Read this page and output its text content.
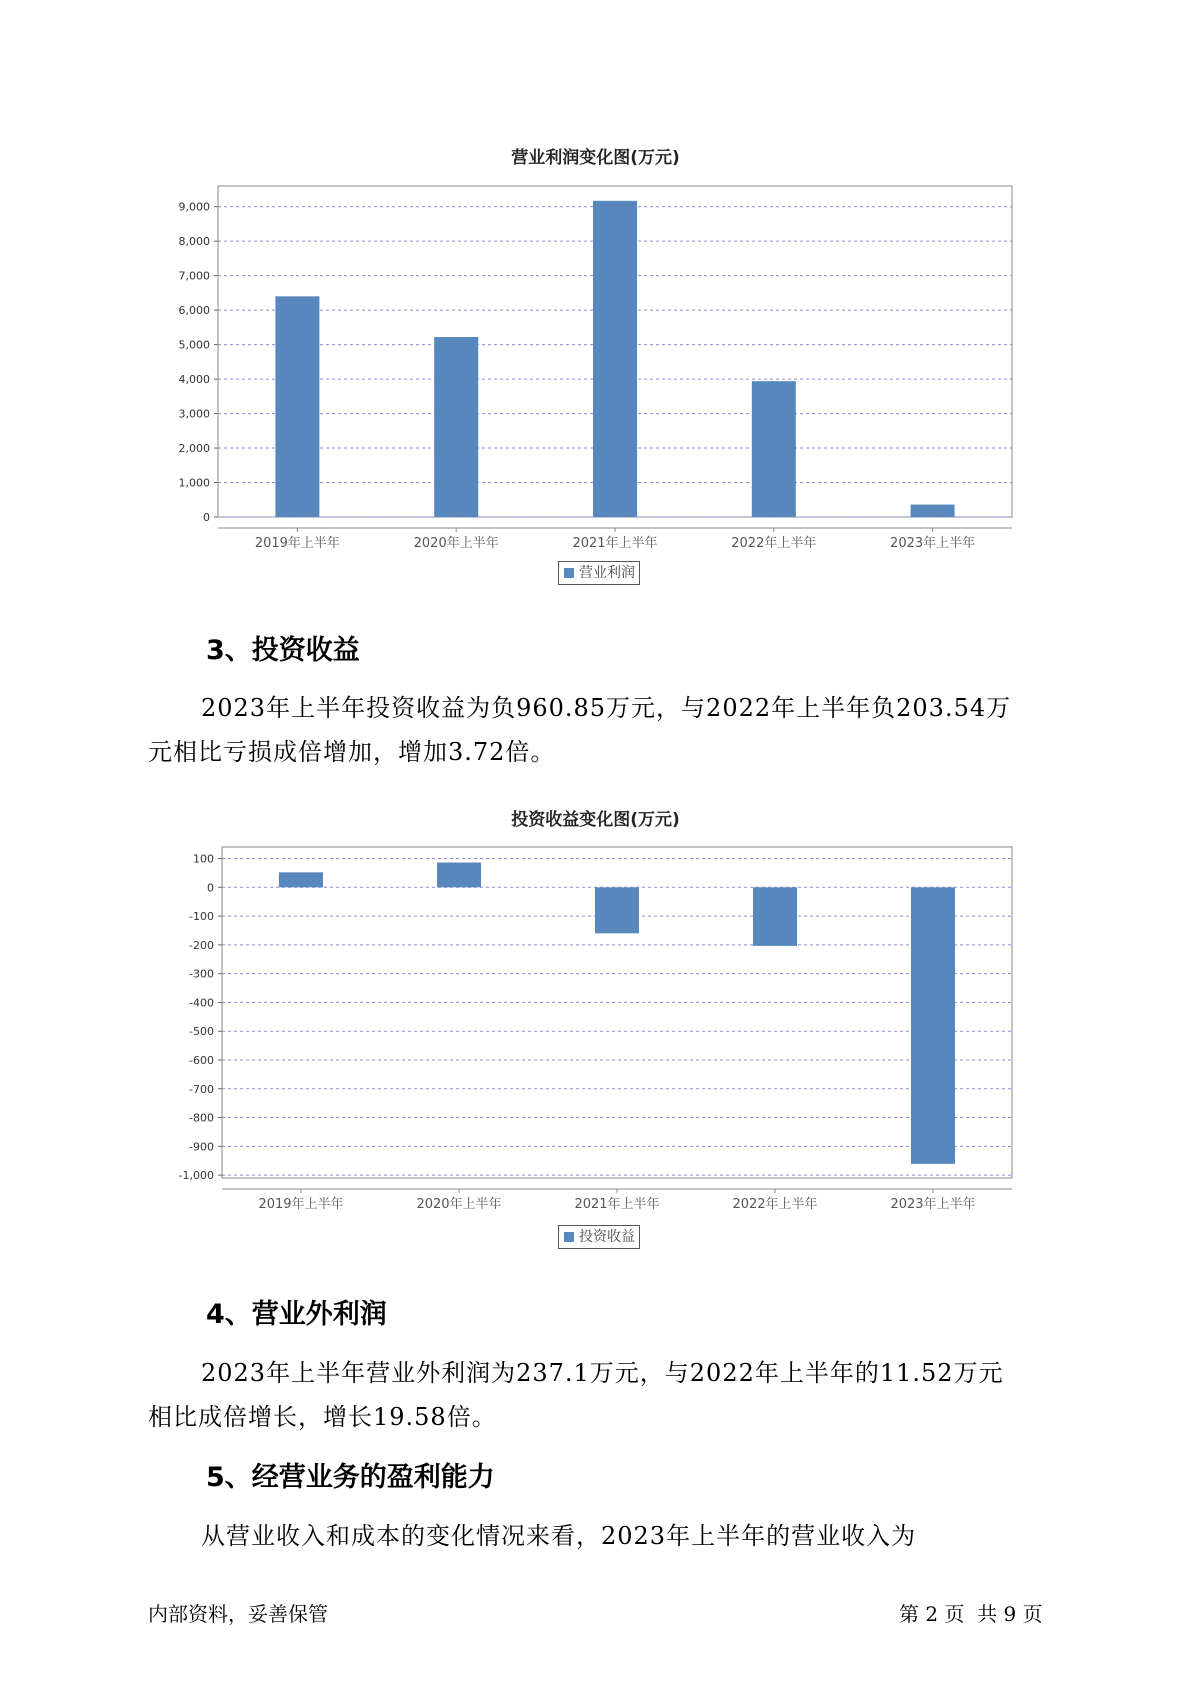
营业利润变化图(万元)
0
1,000
2,000
3,000
4,000
5,000
6,000
7,000
8,000
9,000
2019年上半年	2020年上半年	2021年上半年	2022年上半年	2023年上半年
营业利润
3、投资收益
2023年上半年投资收益为负960.85万元，与2022年上半年负203.54万
元相比亏损成倍增加，增加3.72倍。
投资收益变化图(万元)
100
0
-100
-200
-300
-400
-500
-600
-700
-800
-900
-1,000
2019年上半年	2020年上半年	2021年上半年	2022年上半年	2023年上半年
投资收益
4、营业外利润
2023年上半年营业外利润为237.1万元，与2022年上半年的11.52万元
相比成倍增长，增长19.58倍。
5、经营业务的盈利能力
从营业收入和成本的变化情况来看，2023年上半年的营业收入为
内部资料，妥善保管	第 2 页  共 9 页
